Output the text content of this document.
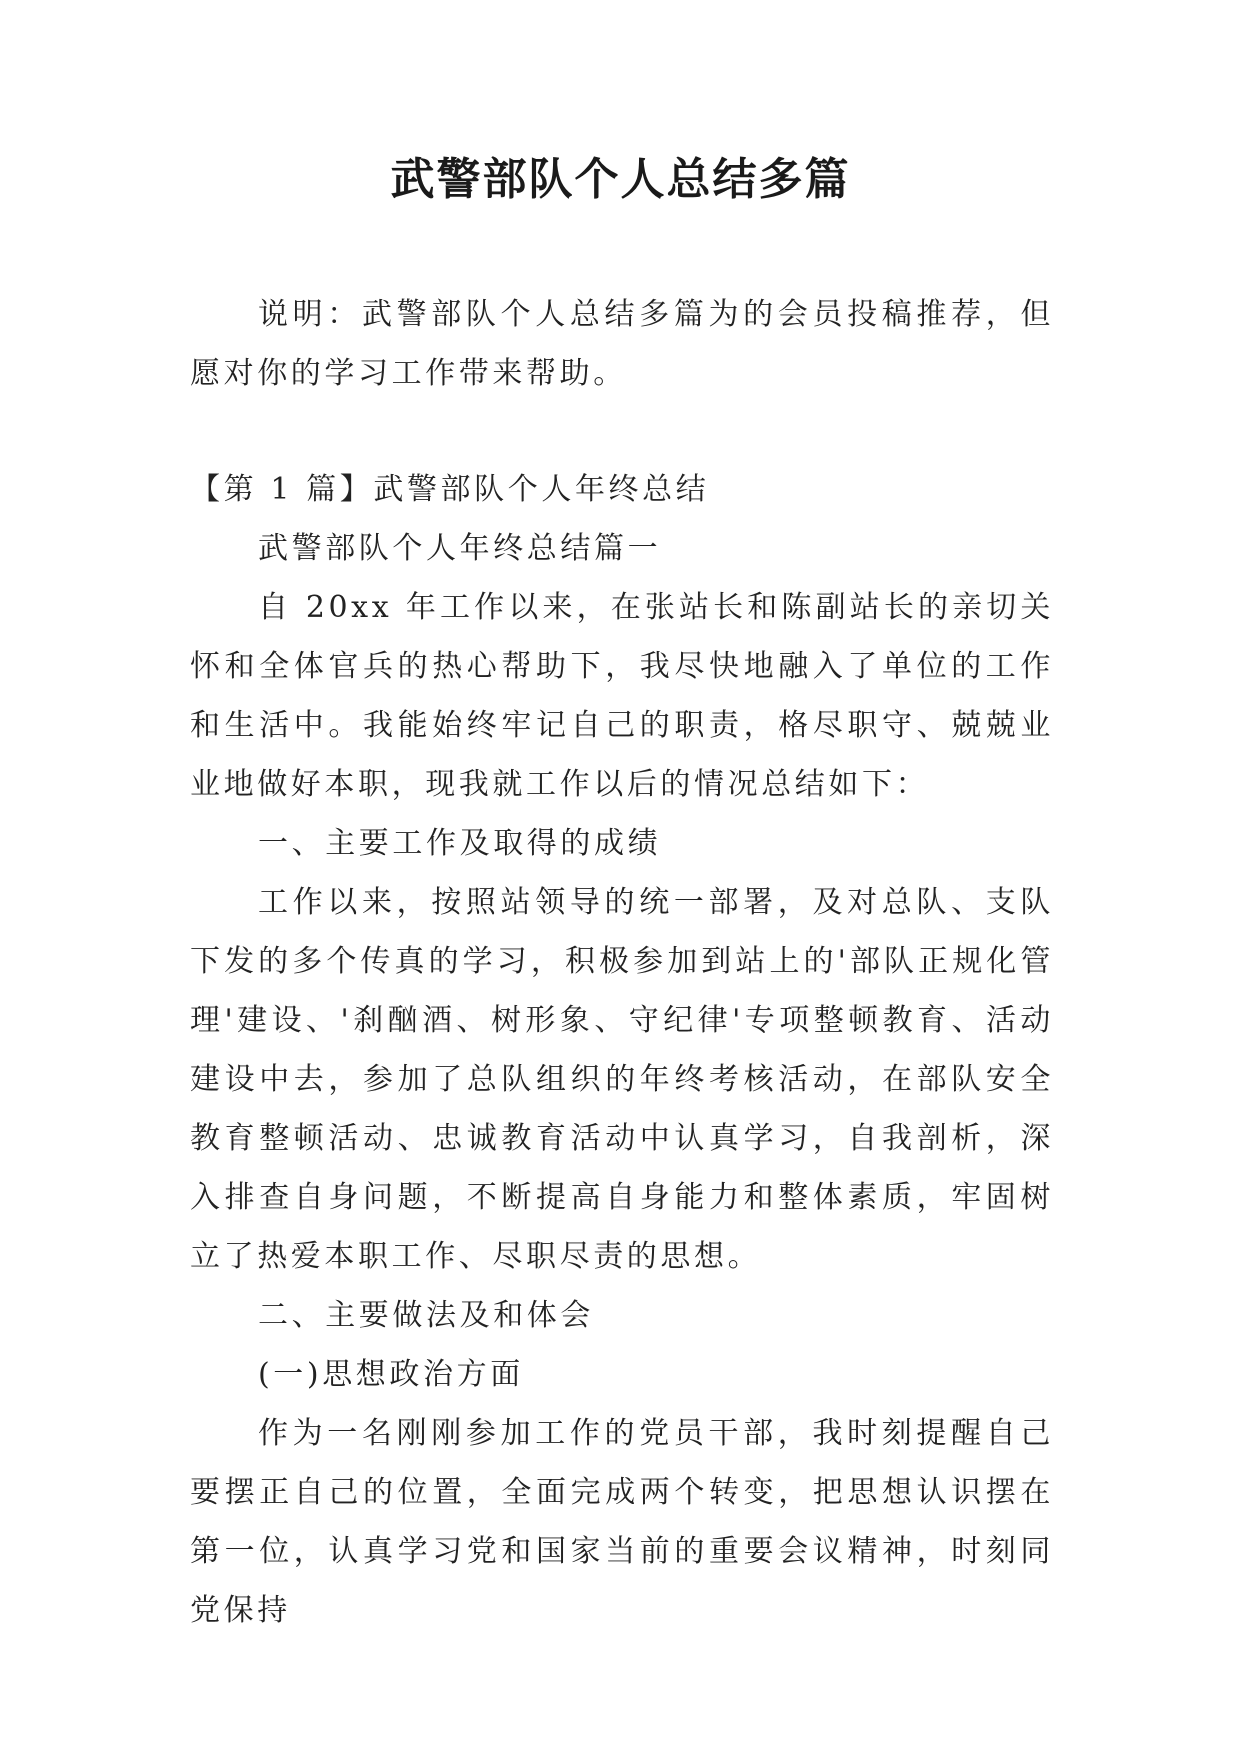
武警部队个人总结多篇

说明：武警部队个人总结多篇为的会员投稿推荐，但愿对你的学习工作带来帮助。

【第 1 篇】武警部队个人年终总结

武警部队个人年终总结篇一

自 20xx 年工作以来，在张站长和陈副站长的亲切关怀和全体官兵的热心帮助下，我尽快地融入了单位的工作和生活中。我能始终牢记自己的职责，格尽职守、兢兢业业地做好本职，现我就工作以后的情况总结如下：

一、主要工作及取得的成绩

工作以来，按照站领导的统一部署，及对总队、支队下发的多个传真的学习，积极参加到站上的'部队正规化管理'建设、'刹酗酒、树形象、守纪律'专项整顿教育、活动建设中去，参加了总队组织的年终考核活动，在部队安全教育整顿活动、忠诚教育活动中认真学习，自我剖析，深入排查自身问题，不断提高自身能力和整体素质，牢固树立了热爱本职工作、尽职尽责的思想。

二、主要做法及和体会

(一)思想政治方面

作为一名刚刚参加工作的党员干部，我时刻提醒自己要摆正自己的位置，全面完成两个转变，把思想认识摆在第一位，认真学习党和国家当前的重要会议精神，时刻同党保持
